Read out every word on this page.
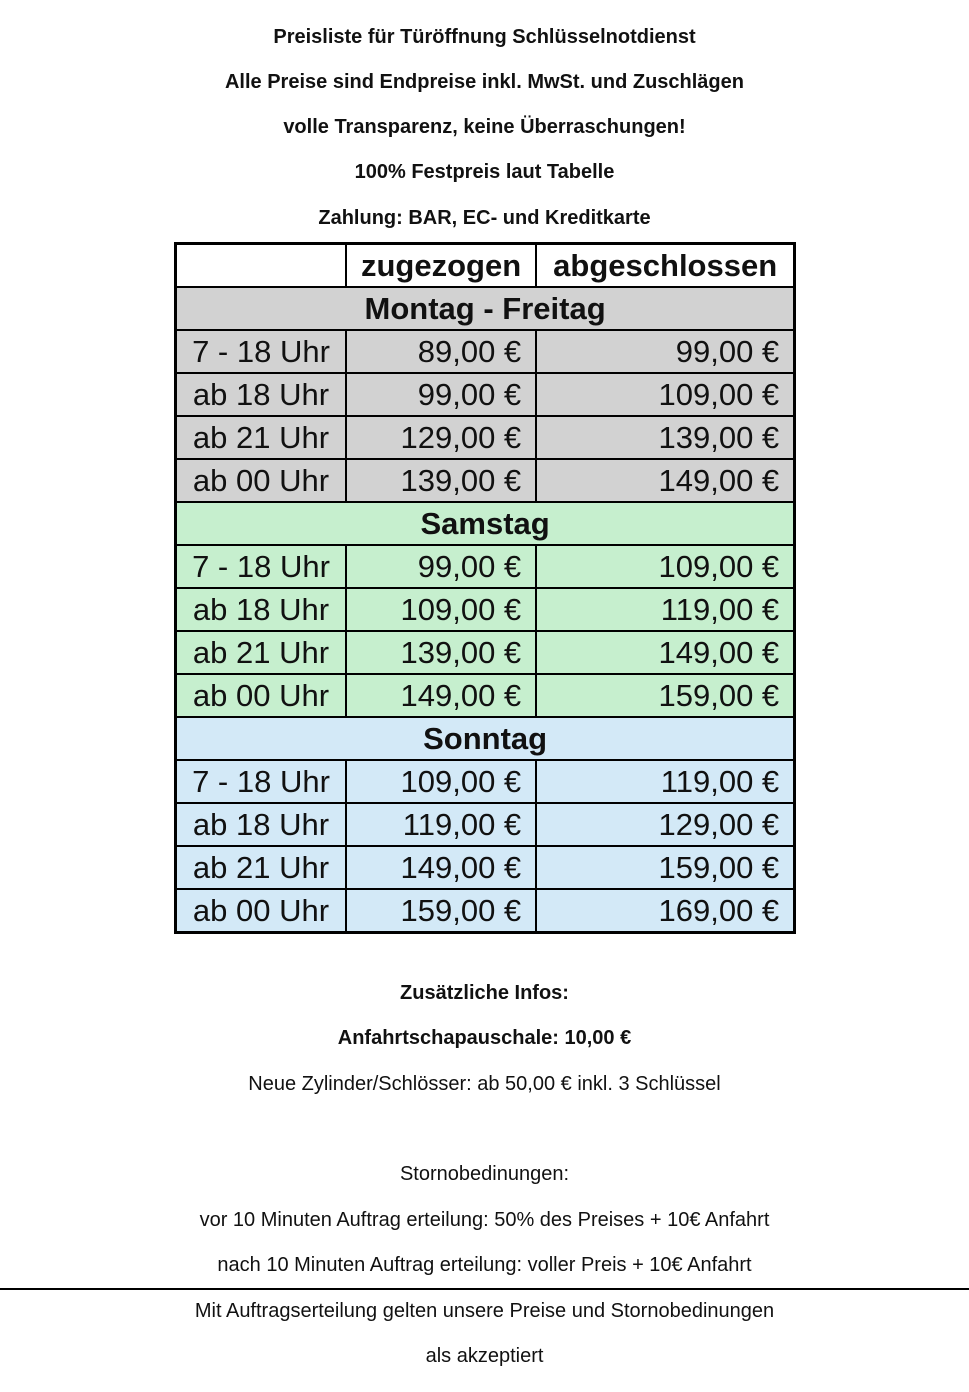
Preisliste für Türöffnung Schlüsselnotdienst
Alle Preise sind Endpreise inkl. MwSt. und Zuschlägen
volle Transparenz, keine Überraschungen!
100% Festpreis laut Tabelle
Zahlung: BAR, EC- und Kreditkarte
	zugezogen	abgeschlossen
Montag - Freitag		
7 - 18 Uhr	89,00 €	99,00 €
ab 18 Uhr	99,00 €	109,00 €
ab 21 Uhr	129,00 €	139,00 €
ab 00 Uhr	139,00 €	149,00 €
Samstag		
7 - 18 Uhr	99,00 €	109,00 €
ab 18 Uhr	109,00 €	119,00 €
ab 21 Uhr	139,00 €	149,00 €
ab 00 Uhr	149,00 €	159,00 €
Sonntag		
7 - 18 Uhr	109,00 €	119,00 €
ab 18 Uhr	119,00 €	129,00 €
ab 21 Uhr	149,00 €	159,00 €
ab 00 Uhr	159,00 €	169,00 €
Zusätzliche Infos:
Anfahrtschapauschale: 10,00 €
Neue Zylinder/Schlösser: ab 50,00 € inkl. 3 Schlüssel
Stornobedinungen:
vor 10 Minuten Auftrag erteilung: 50% des Preises + 10€ Anfahrt
nach 10 Minuten Auftrag erteilung: voller Preis + 10€ Anfahrt
Mit Auftragserteilung gelten unsere Preise und Stornobedinungen
als akzeptiert
